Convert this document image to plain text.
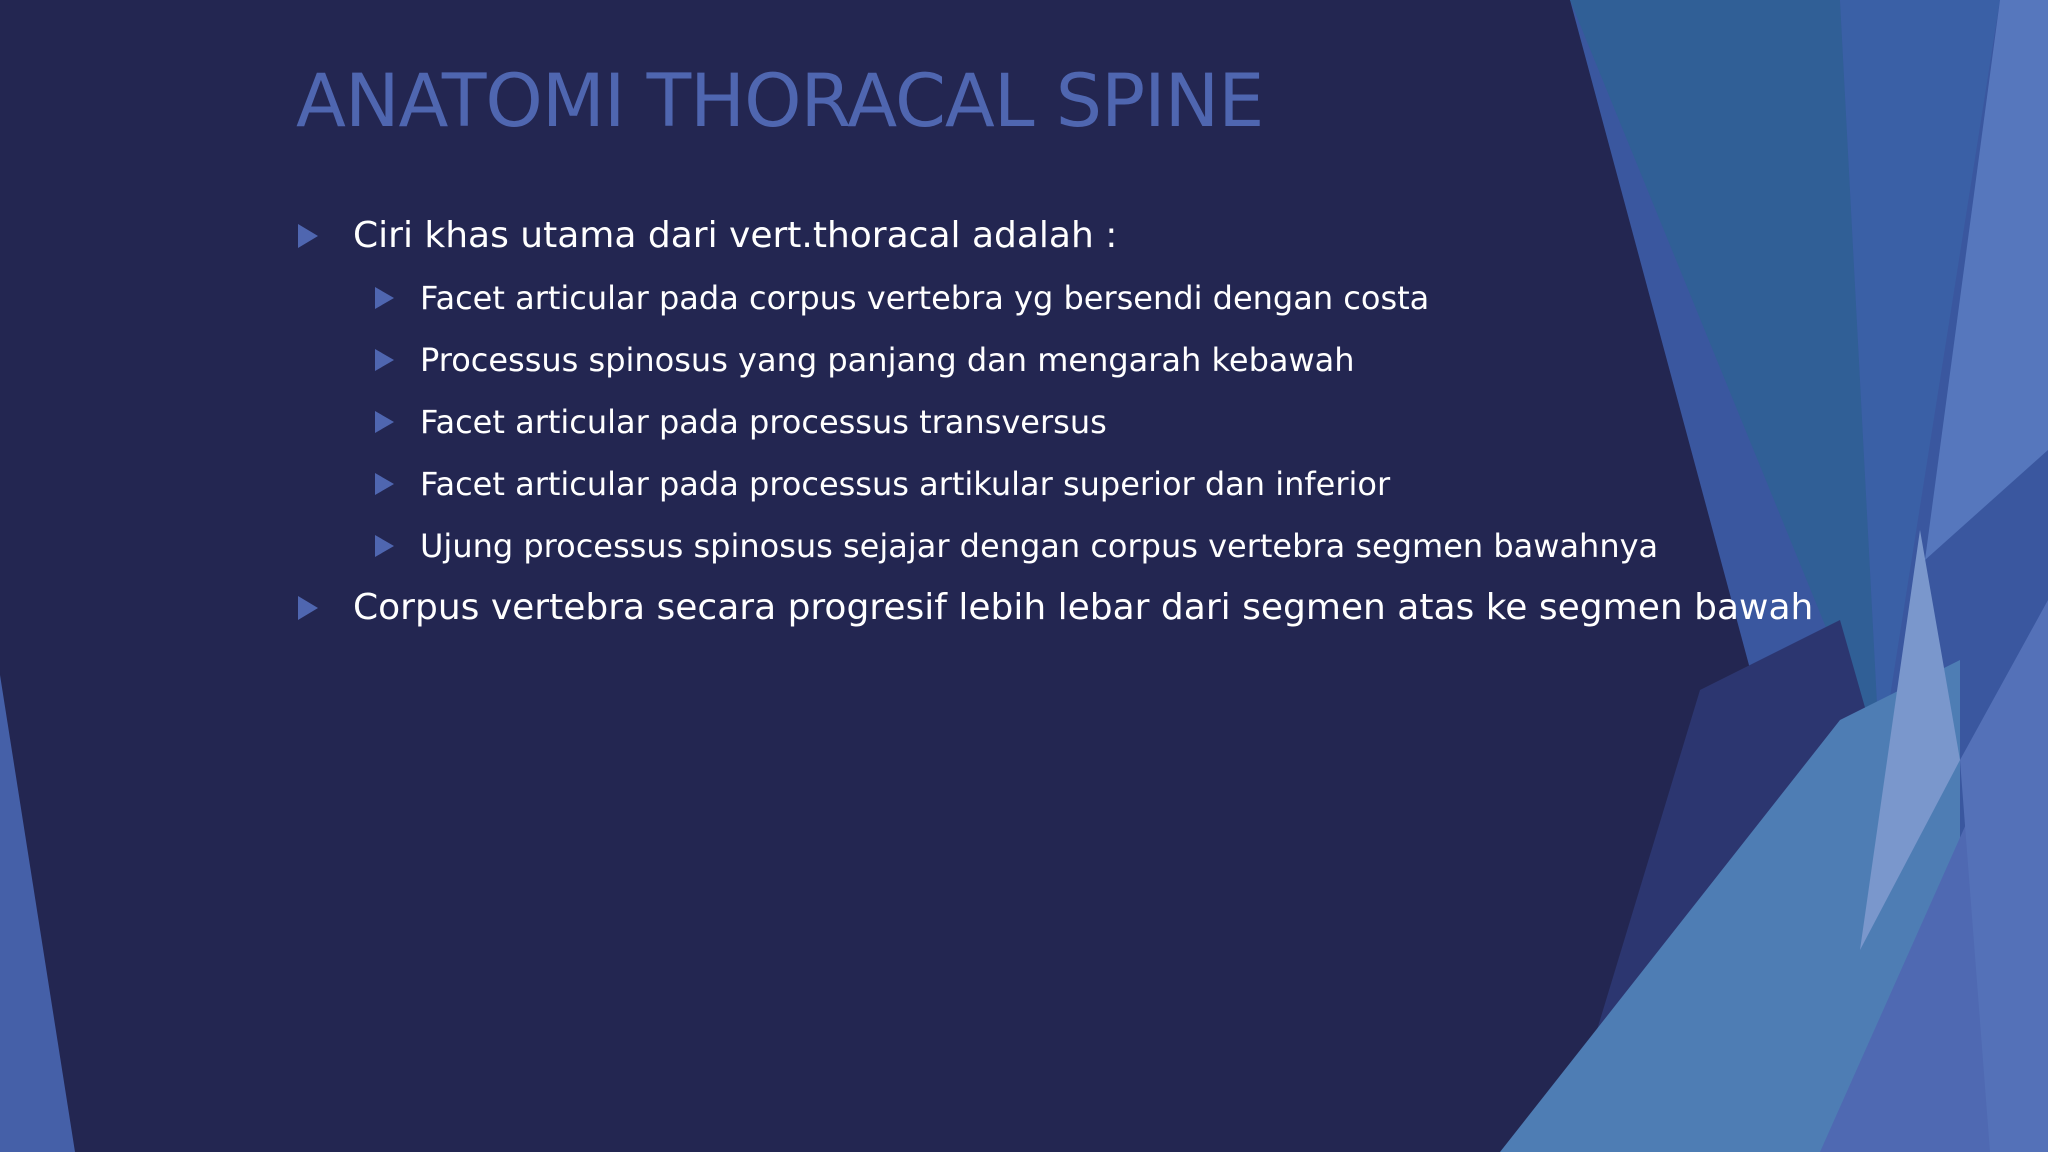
ANATOMI THORACAL SPINE
Ciri khas utama dari vert.thoracal adalah :
Facet articular pada corpus vertebra yg bersendi dengan costa
Processus spinosus yang panjang dan mengarah kebawah
Facet articular pada processus transversus
Facet articular pada processus artikular superior dan inferior
Ujung processus spinosus sejajar dengan corpus vertebra segmen bawahnya
Corpus vertebra secara progresif lebih lebar dari segmen atas ke segmen bawah
